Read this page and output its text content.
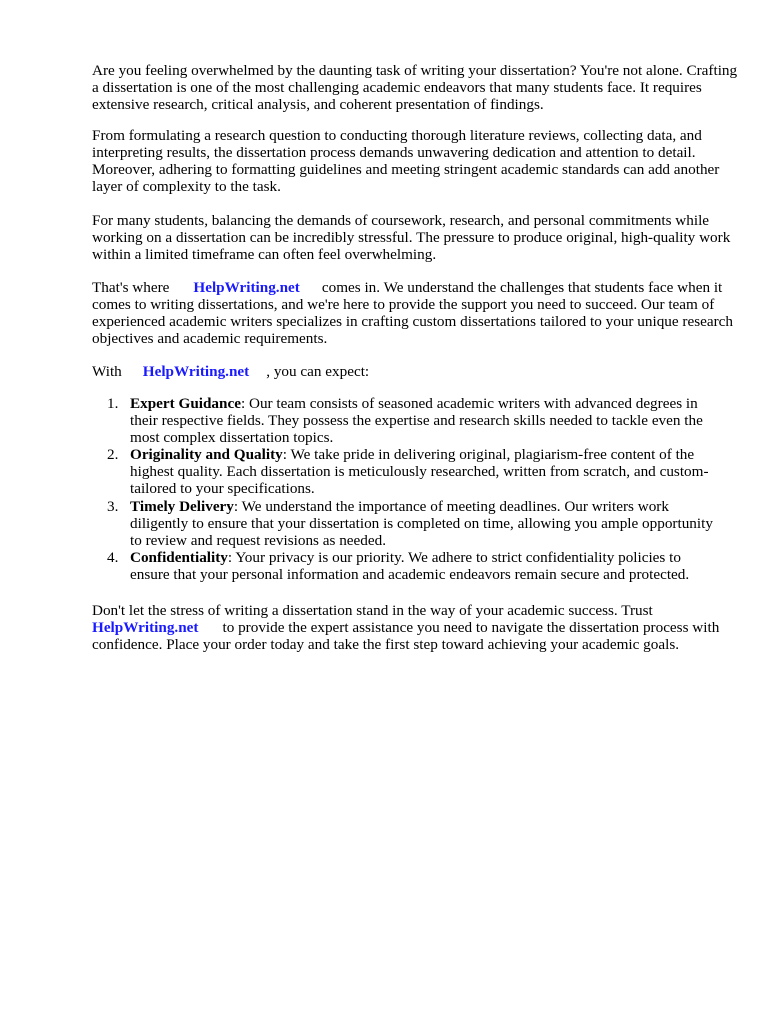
Are you feeling overwhelmed by the daunting task of writing your dissertation? You're not alone. Crafting a dissertation is one of the most challenging academic endeavors that many students face. It requires extensive research, critical analysis, and coherent presentation of findings.

From formulating a research question to conducting thorough literature reviews, collecting data, and interpreting results, the dissertation process demands unwavering dedication and attention to detail. Moreover, adhering to formatting guidelines and meeting stringent academic standards can add another layer of complexity to the task.

For many students, balancing the demands of coursework, research, and personal commitments while working on a dissertation can be incredibly stressful. The pressure to produce original, high-quality work within a limited timeframe can often feel overwhelming.

That's where HelpWriting.net comes in. We understand the challenges that students face when it comes to writing dissertations, and we're here to provide the support you need to succeed. Our team of experienced academic writers specializes in crafting custom dissertations tailored to your unique research objectives and academic requirements.

With HelpWriting.net , you can expect:

1. Expert Guidance: Our team consists of seasoned academic writers with advanced degrees in their respective fields. They possess the expertise and research skills needed to tackle even the most complex dissertation topics.
2. Originality and Quality: We take pride in delivering original, plagiarism-free content of the highest quality. Each dissertation is meticulously researched, written from scratch, and custom-tailored to your specifications.
3. Timely Delivery: We understand the importance of meeting deadlines. Our writers work diligently to ensure that your dissertation is completed on time, allowing you ample opportunity to review and request revisions as needed.
4. Confidentiality: Your privacy is our priority. We adhere to strict confidentiality policies to ensure that your personal information and academic endeavors remain secure and protected.

Don't let the stress of writing a dissertation stand in the way of your academic success. Trust HelpWriting.net to provide the expert assistance you need to navigate the dissertation process with confidence. Place your order today and take the first step toward achieving your academic goals.
